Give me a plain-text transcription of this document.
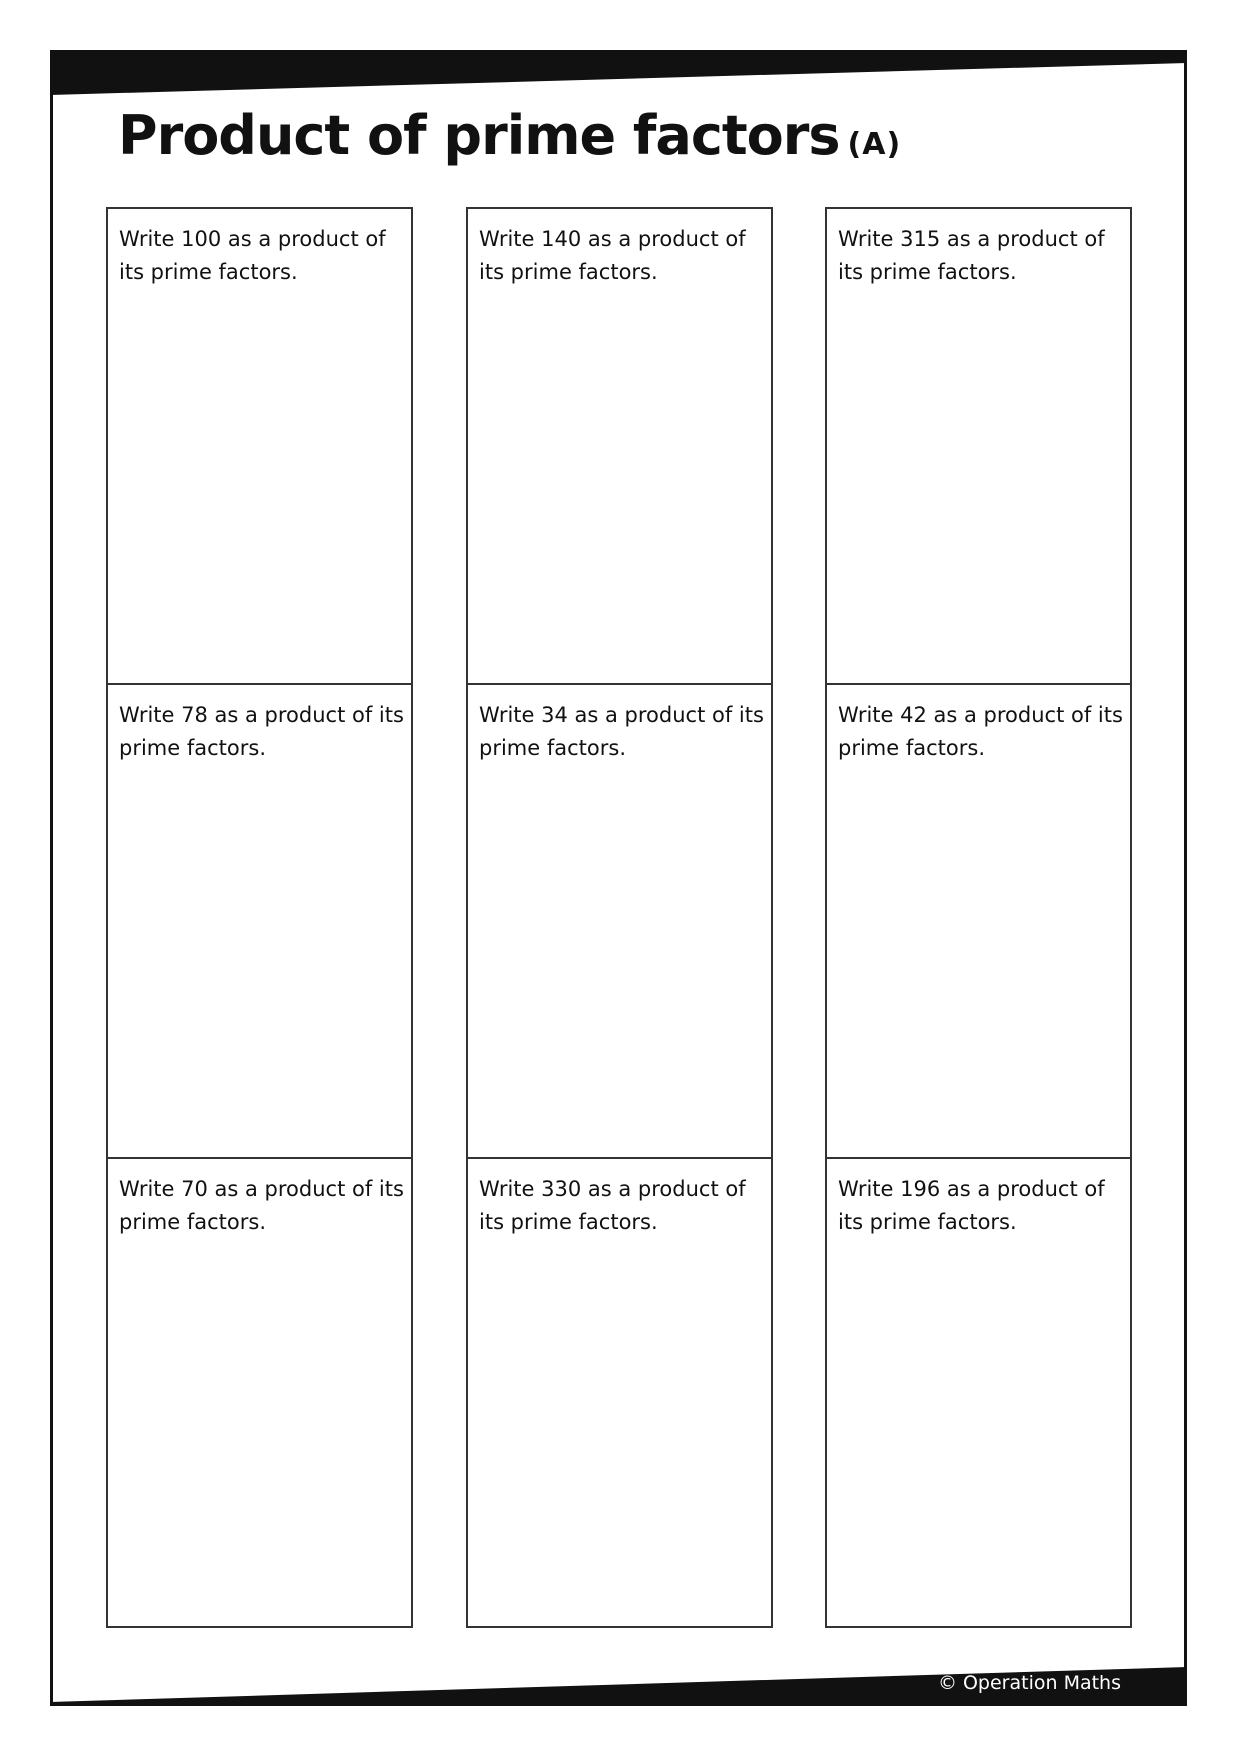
Product of prime factors (A)

Write 100 as a product of its prime factors.

Write 78 as a product of its prime factors.

Write 70 as a product of its prime factors.

Write 140 as a product of its prime factors.

Write 34 as a product of its prime factors.

Write 330 as a product of its prime factors.

Write 315 as a product of its prime factors.

Write 42 as a product of its prime factors.

Write 196 as a product of its prime factors.

© Operation Maths
